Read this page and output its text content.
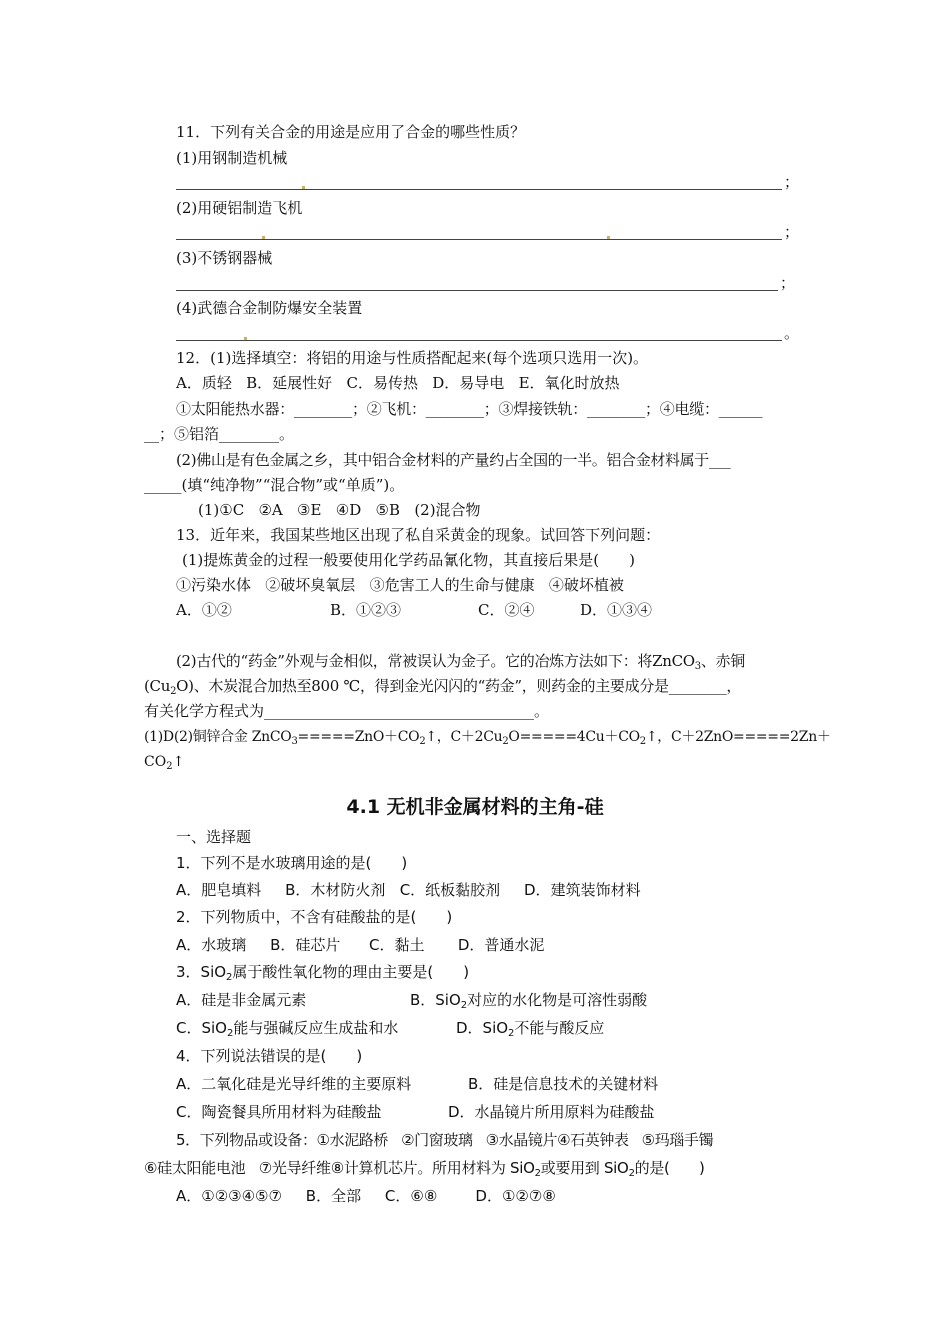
11．下列有关合金的用途是应用了合金的哪些性质？
(1)用钢制造机械
；
(2)用硬铝制造飞机
；
(3)不锈钢器械
；
(4)武德合金制防爆安全装置
。
12．(1)选择填空：将铝的用途与性质搭配起来(每个选项只选用一次)。
A．质轻   B．延展性好   C．易传热   D．易导电   E．氧化时放热
①太阳能热水器：________；②飞机：________；③焊接铁轨：________；④电缆：______
__；⑤铝箔________。
(2)佛山是有色金属之乡，其中铝合金材料的产量约占全国的一半。铝合金材料属于___
_____(填“纯净物”“混合物”或“单质”)。
(1)①C   ②A   ③E   ④D   ⑤B   (2)混合物
13．近年来，我国某些地区出现了私自采黄金的现象。试回答下列问题：
(1)提炼黄金的过程一般要使用化学药品氰化物，其直接后果是(　　)
①污染水体   ②破坏臭氧层   ③危害工人的生命与健康   ④破坏植被
A．①②	B．①②③	C．②④	D．①③④
(2)古代的“药金”外观与金相似，常被误认为金子。它的冶炼方法如下：将ZnCO$_3$、赤铜
$(Cu_2O)$、木炭混合加热至800 ℃，得到金光闪闪的“药金”，则药金的主要成分是________，
有关化学方程式为____________________________________。
(1)D(2)铜锌合金 $ZnCO_3=====ZnO+CO_2↑$，$C+2Cu_2O=====4Cu+CO_2↑$，C＋2ZnO=====2Zn＋
$CO_2↑$
4.1 无机非金属材料的主角-硅
一、选择题
1．下列不是水玻璃用途的是(　　)
A．肥皂填料     B．木材防火剂   C．纸板黏胶剂     D．建筑装饰材料
2．下列物质中，不含有硅酸盐的是(　　)
A．水玻璃     B．硅芯片      C．黏土       D．普通水泥
3．SiO$_2$属于酸性氧化物的理由主要是(　　)
A．硅是非金属元素	B．SiO$_2$对应的水化物是可溶性弱酸
C．SiO$_2$能与强碱反应生成盐和水	D．SiO$_2$不能与酸反应
4．下列说法错误的是(　　)
A．二氧化硅是光导纤维的主要原料	B．硅是信息技术的关键材料
C．陶瓷餐具所用材料为硅酸盐	D．水晶镜片所用原料为硅酸盐
5．下列物品或设备：①水泥路桥   ②门窗玻璃   ③水晶镜片④石英钟表   ⑤玛瑙手镯
⑥硅太阳能电池   ⑦光导纤维⑧计算机芯片。所用材料为 SiO$_2$或要用到 SiO$_2$的是(　　)
A．①②③④⑤⑦     B．全部     C．⑥⑧        D．①②⑦⑧
